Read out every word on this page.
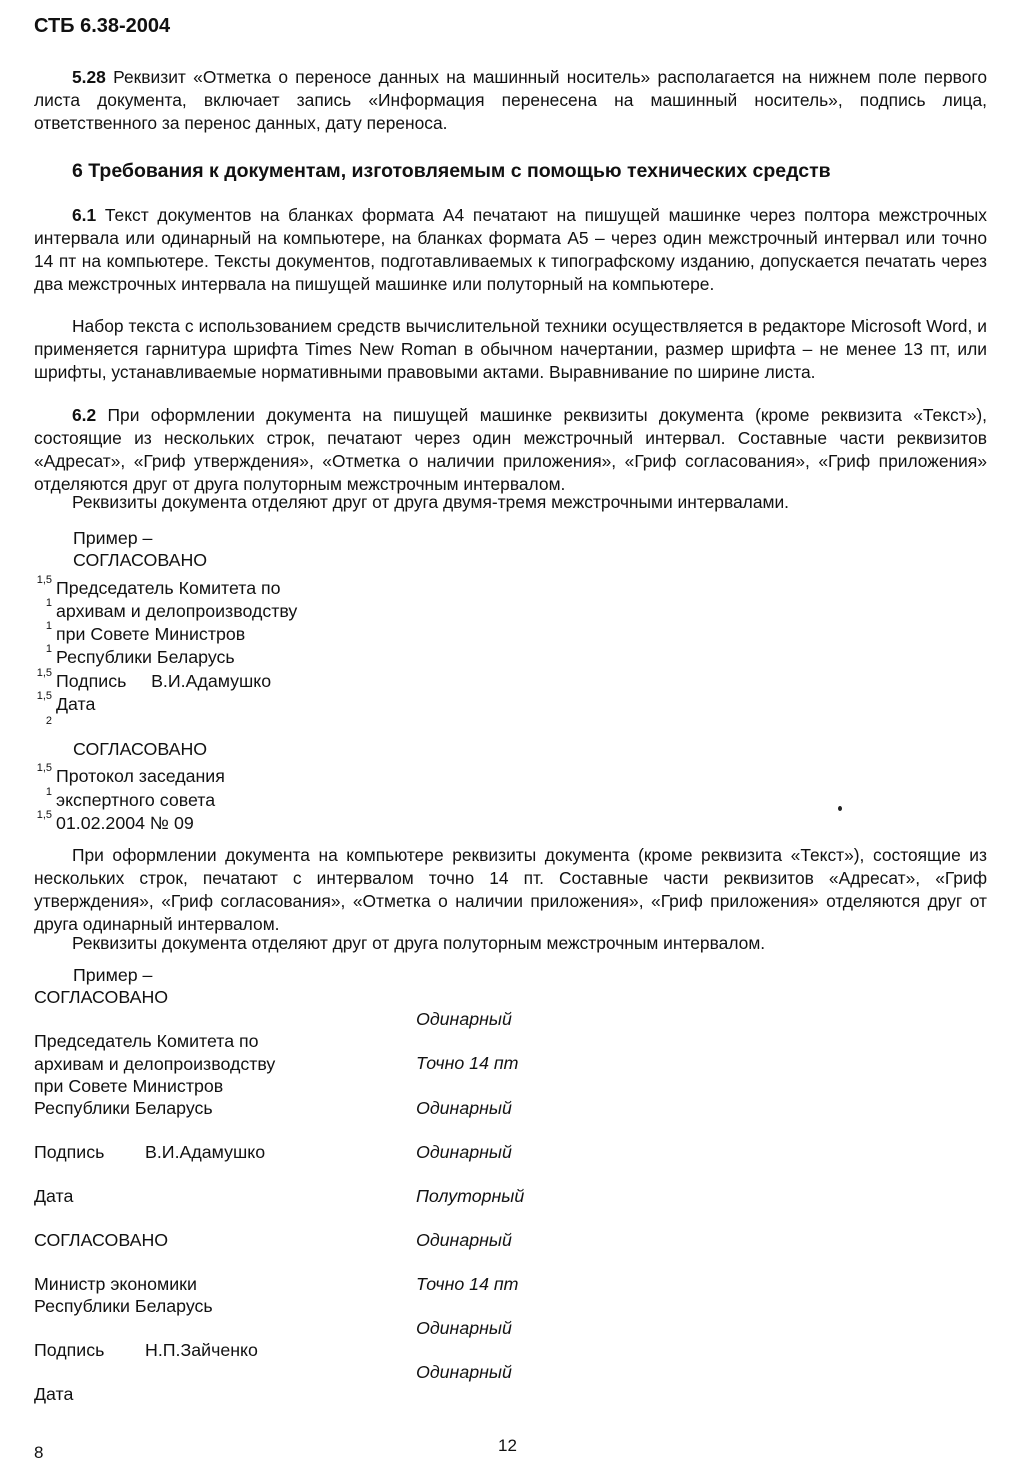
СТБ 6.38-2004
5.28 Реквизит «Отметка о переносе данных на машинный носитель» располагается на нижнем поле первого листа документа, включает запись «Информация перенесена на машинный носитель», подпись лица, ответственного за перенос данных, дату переноса.
6 Требования к документам, изготовляемым с помощью технических средств
6.1 Текст документов на бланках формата А4 печатают на пишущей машинке через полтора межстрочных интервала или одинарный на компьютере, на бланках формата А5 – через один межстрочный интервал или точно 14 пт на компьютере. Тексты документов, подготавливаемых к типографскому изданию, допускается печатать через два межстрочных интервала на пишущей машинке или полуторный на компьютере.
Набор текста с использованием средств вычислительной техники осуществляется в редакторе Microsoft Word, и применяется гарнитура шрифта Times New Roman в обычном начертании, размер шрифта – не менее 13 пт, или шрифты, устанавливаемые нормативными правовыми актами. Выравнивание по ширине листа.
6.2 При оформлении документа на пишущей машинке реквизиты документа (кроме реквизита «Текст»), состоящие из нескольких строк, печатают через один межстрочный интервал. Составные части реквизитов «Адресат», «Гриф утверждения», «Отметка о наличии приложения», «Гриф согласования», «Гриф приложения» отделяются друг от друга полуторным межстрочным интервалом.
Реквизиты документа отделяют друг от друга двумя-тремя межстрочными интервалами.
Пример –
СОГЛАСОВАНО
1,5 Председатель Комитета по
1 архивам и делопроизводству
1 при Совете Министров
1 Республики Беларусь
1,5 Подпись     В.И.Адамушко
1,5 Дата
2
СОГЛАСОВАНО
1,5 Протокол заседания
1 экспертного совета
1,5 01.02.2004 № 09
При оформлении документа на компьютере реквизиты документа (кроме реквизита «Текст»), состоящие из нескольких строк, печатают с интервалом точно 14 пт. Составные части реквизитов «Адресат», «Гриф утверждения», «Гриф согласования», «Отметка о наличии приложения», «Гриф приложения» отделяются друг от друга одинарный интервалом.
Реквизиты документа отделяют друг от друга полуторным межстрочным интервалом.
Пример –
СОГЛАСОВАНО
Председатель Комитета по
архивам и делопроизводству
при Совете Министров
Республики Беларусь
Подпись В.И.Адамушко
Дата
СОГЛАСОВАНО
Министр экономики
Республики Беларусь
Подпись Н.П.Зайченко
Дата
Одинарный
Точно 14 пт
Одинарный
Одинарный
Полуторный
Одинарный
Точно 14 пт
Одинарный
Одинарный
8	12
